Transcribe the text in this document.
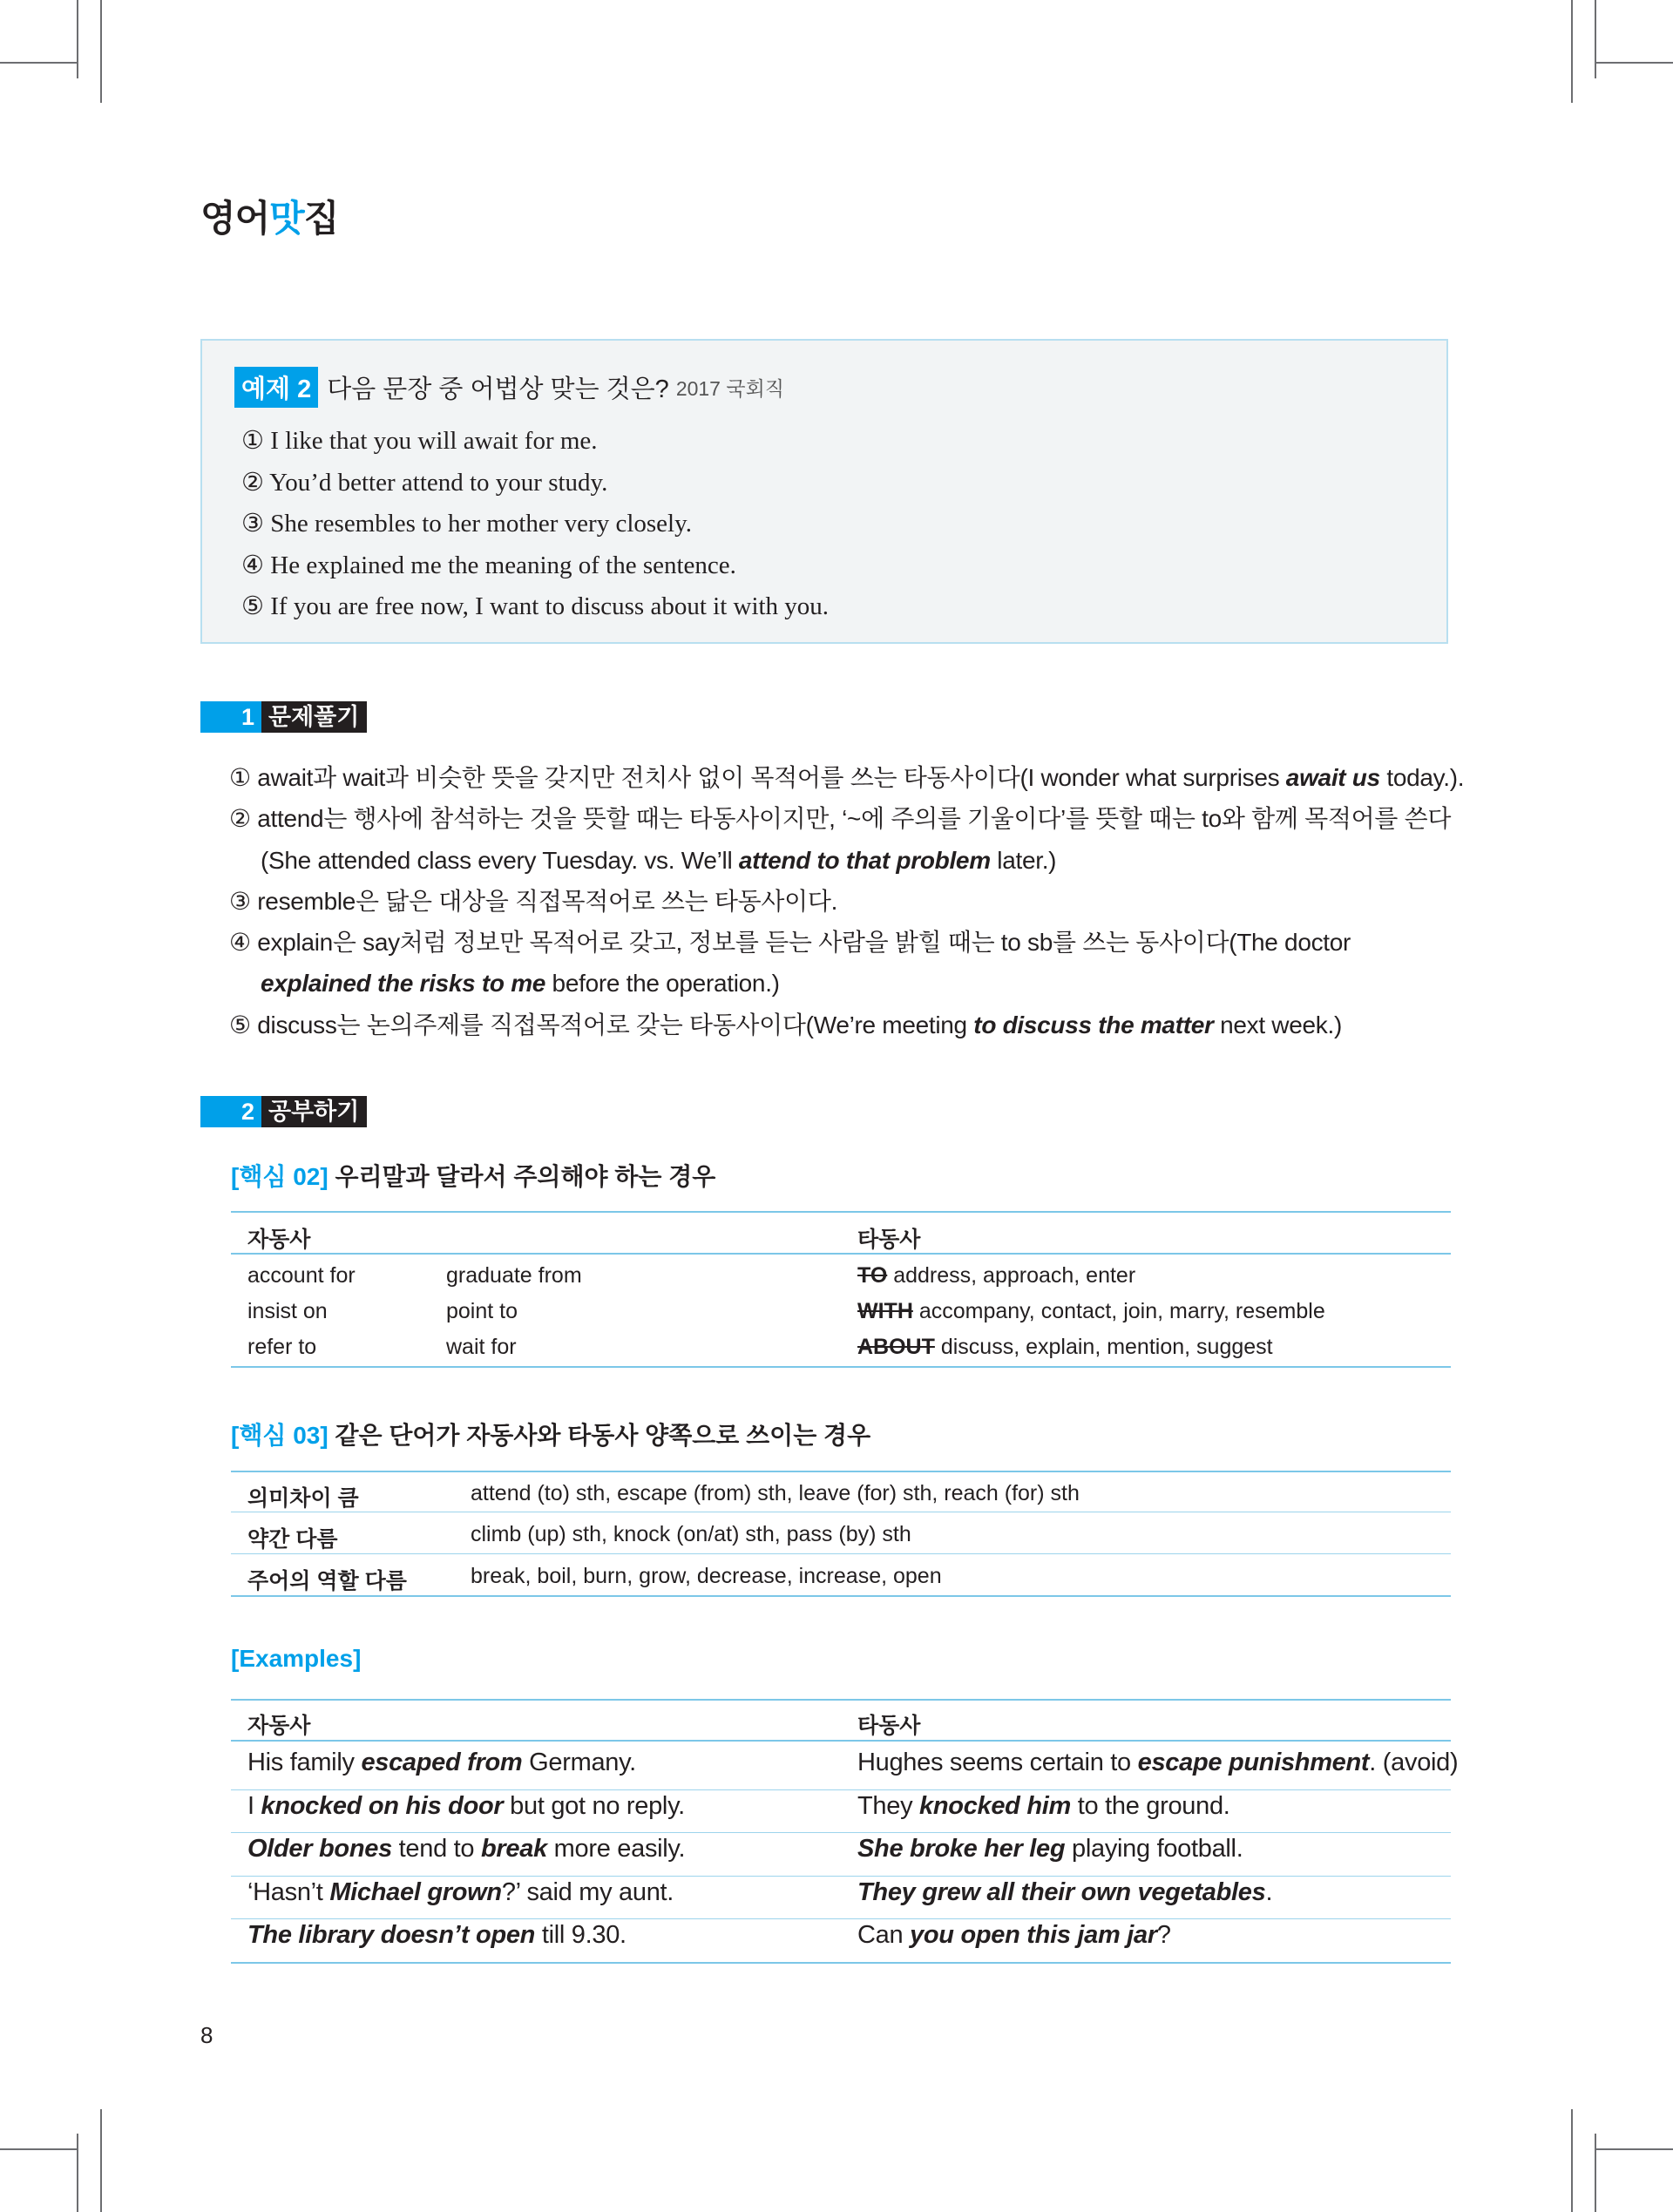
영어맛집
예제 2 다음 문장 중 어법상 맞는 것은? 2017 국회직
① I like that you will await for me.
② You’d better attend to your study.
③ She resembles to her mother very closely.
④ He explained me the meaning of the sentence.
⑤ If you are free now, I want to discuss about it with you.
1 문제풀기
① await과 wait과 비슷한 뜻을 갖지만 전치사 없이 목적어를 쓰는 타동사이다(I wonder what surprises await us today.).
② attend는 행사에 참석하는 것을 뜻할 때는 타동사이지만, ‘~에 주의를 기울이다’를 뜻할 때는 to와 함께 목적어를 쓴다
(She attended class every Tuesday. vs. We’ll attend to that problem later.)
③ resemble은 닮은 대상을 직접목적어로 쓰는 타동사이다.
④ explain은 say처럼 정보만 목적어로 갖고, 정보를 듣는 사람을 밝힐 때는 to sb를 쓰는 동사이다(The doctor
explained the risks to me before the operation.)
⑤ discuss는 논의주제를 직접목적어로 갖는 타동사이다(We’re meeting to discuss the matter next week.)
2 공부하기
[핵심 02] 우리말과 달라서 주의해야 하는 경우
자동사	타동사
account for	graduate from	TO address, approach, enter
insist on	point to	WITH accompany, contact, join, marry, resemble
refer to	wait for	ABOUT discuss, explain, mention, suggest
[핵심 03] 같은 단어가 자동사와 타동사 양쪽으로 쓰이는 경우
의미차이 큼	attend (to) sth, escape (from) sth, leave (for) sth, reach (for) sth
약간 다름	climb (up) sth, knock (on/at) sth, pass (by) sth
주어의 역할 다름	break, boil, burn, grow, decrease, increase, open
[Examples]
자동사	타동사
His family escaped from Germany.	Hughes seems certain to escape punishment. (avoid)
I knocked on his door but got no reply.	They knocked him to the ground.
Older bones tend to break more easily.	She broke her leg playing football.
‘Hasn’t Michael grown?’ said my aunt.	They grew all their own vegetables.
The library doesn’t open till 9.30.	Can you open this jam jar?
8
